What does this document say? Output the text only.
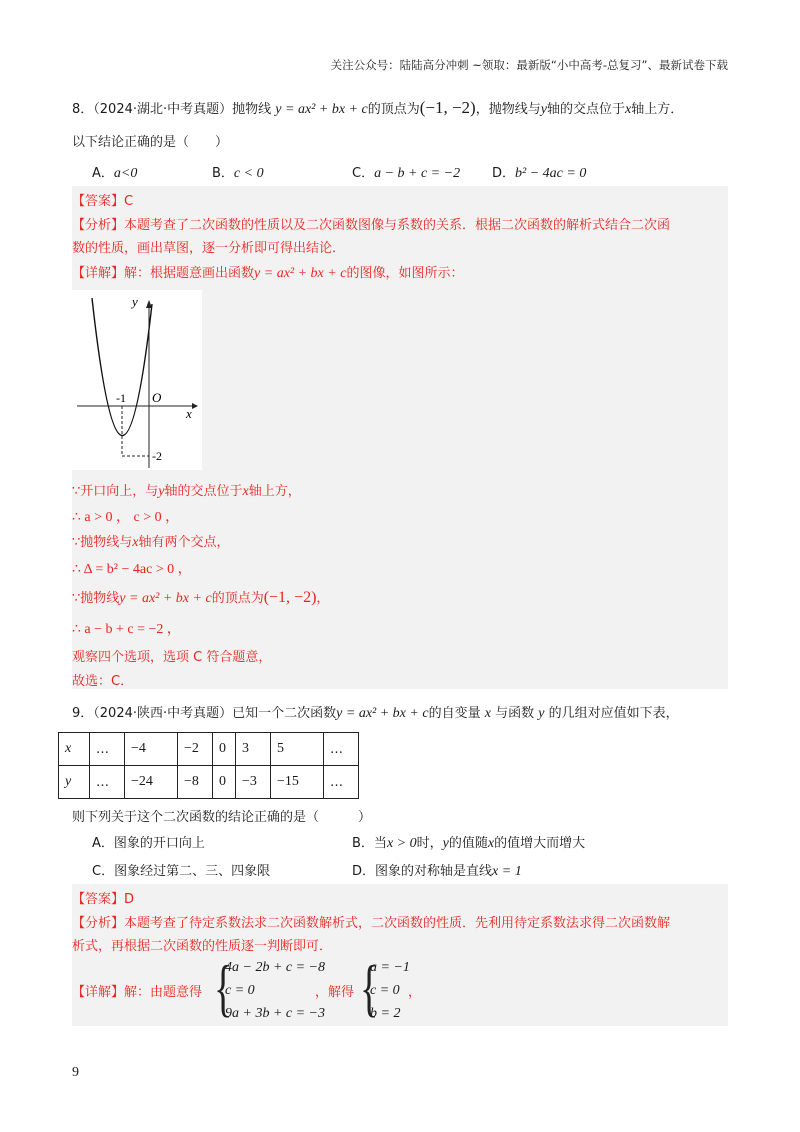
关注公众号：陆陆高分冲刺 ~领取：最新版“小中高考-总复习”、最新试卷下载
8．（2024·湖北·中考真题）抛物线 y = ax² + bx + c的顶点为(−1, −2)，抛物线与y轴的交点位于x轴上方．
以下结论正确的是（　　）
A．a<0	B．c < 0	C．a − b + c = −2 D．b² − 4ac = 0
【答案】C
【分析】本题考查了二次函数的性质以及二次函数图像与系数的关系．根据二次函数的解析式结合二次函
数的性质，画出草图，逐一分析即可得出结论．
【详解】解：根据题意画出函数y = ax² + bx + c的图像，如图所示：
y
x
O
-1
-2
∵开口向上，与y轴的交点位于x轴上方，
∴ a > 0 ， c > 0 ，
∵抛物线与x轴有两个交点，
∴ Δ = b² − 4ac > 0 ，
∵抛物线y = ax² + bx + c的顶点为(−1, −2)，
∴ a − b + c = −2 ，
观察四个选项，选项 C 符合题意，
故选：C．
9．（2024·陕西·中考真题）已知一个二次函数y = ax² + bx + c的自变量 x 与函数 y 的几组对应值如下表，
x	…	−4	−2	0	3	5	…
y	…	−24	−8	0	−3	−15	…
则下列关于这个二次函数的结论正确的是（　　　）
A．图象的开口向上	B．当x > 0时，y的值随x的值增大而增大
C．图象经过第二、三、四象限	D．图象的对称轴是直线x = 1
【答案】D
【分析】本题考查了待定系数法求二次函数解析式，二次函数的性质．先利用待定系数法求得二次函数解
析式，再根据二次函数的性质逐一判断即可．
【详解】解：由题意得 {
4a − 2b + c = −8
c = 0
9a + 3b + c = −3
，解得 {
a = −1
c = 0
b = 2
，
9
